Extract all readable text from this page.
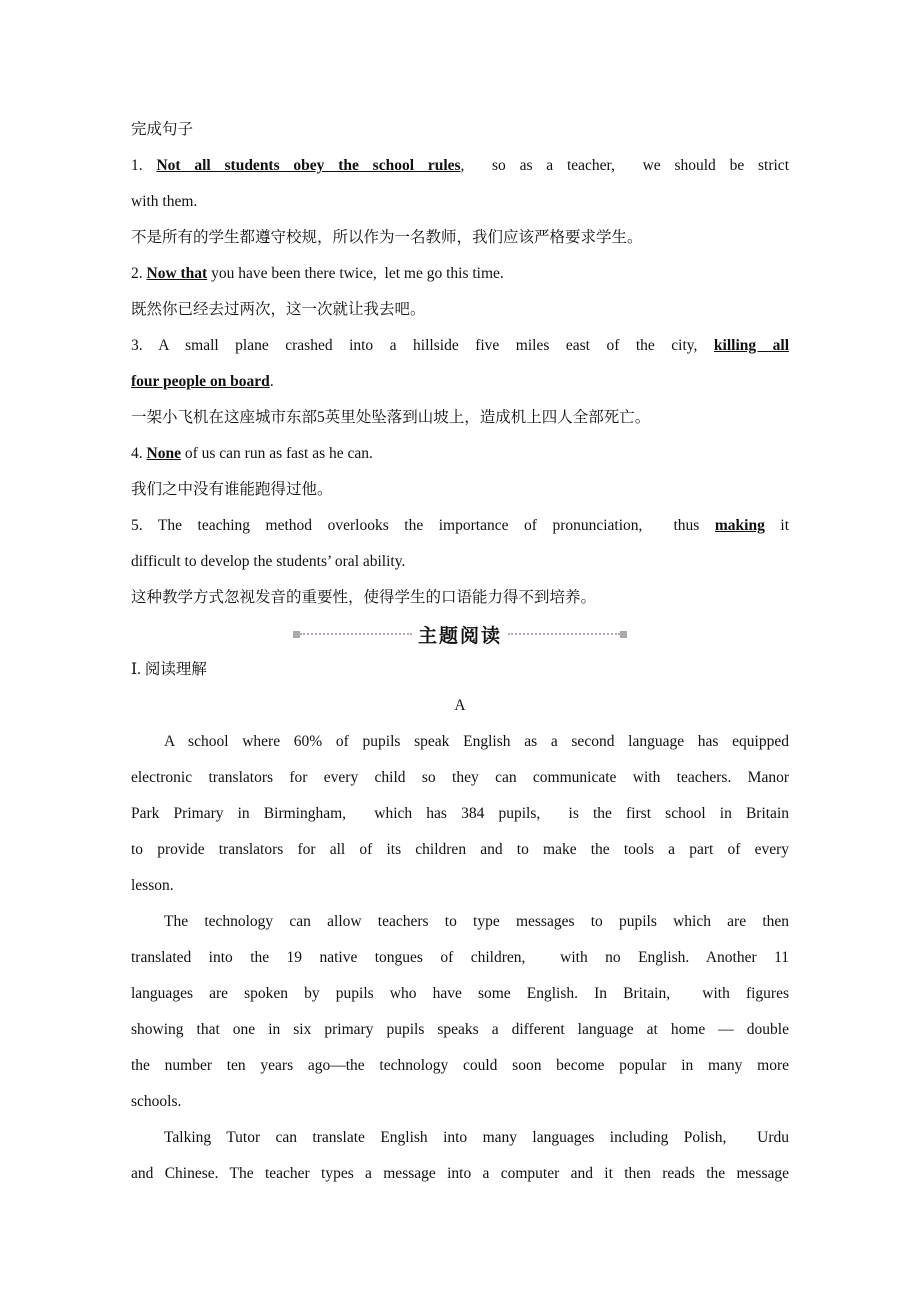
完成句子
1. Not all students obey the school rules,  so as a teacher,  we should be strict
with them.
不是所有的学生都遵守校规，所以作为一名教师，我们应该严格要求学生。
2. Now that you have been there twice,  let me go this time.
既然你已经去过两次，这一次就让我去吧。
3. A small plane crashed into a hillside five miles east of the city, killing all
four people on board.
一架小飞机在这座城市东部5英里处坠落到山坡上，造成机上四人全部死亡。
4. None of us can run as fast as he can.
我们之中没有谁能跑得过他。
5. The teaching method overlooks the importance of pronunciation,  thus making it
difficult to develop the students’ oral ability.
这种教学方式忽视发音的重要性，使得学生的口语能力得不到培养。
主题阅读
Ⅰ. 阅读理解
A
A school where 60% of pupils speak English as a second language has equipped
electronic translators for every child so they can communicate with teachers. Manor
Park Primary in Birmingham,  which has 384 pupils,  is the first school in Britain
to provide translators for all of its children and to make the tools a part of every
lesson.
The technology can allow teachers to type messages to pupils which are then
translated into the 19 native tongues of children,  with no English. Another 11
languages are spoken by pupils who have some English. In Britain,  with figures
showing that one in six primary pupils speaks a different language at home — double
the number ten years ago—the technology could soon become popular in many more
schools.
Talking Tutor can translate English into many languages including Polish,  Urdu
and Chinese. The teacher types a message into a computer and it then reads the message
